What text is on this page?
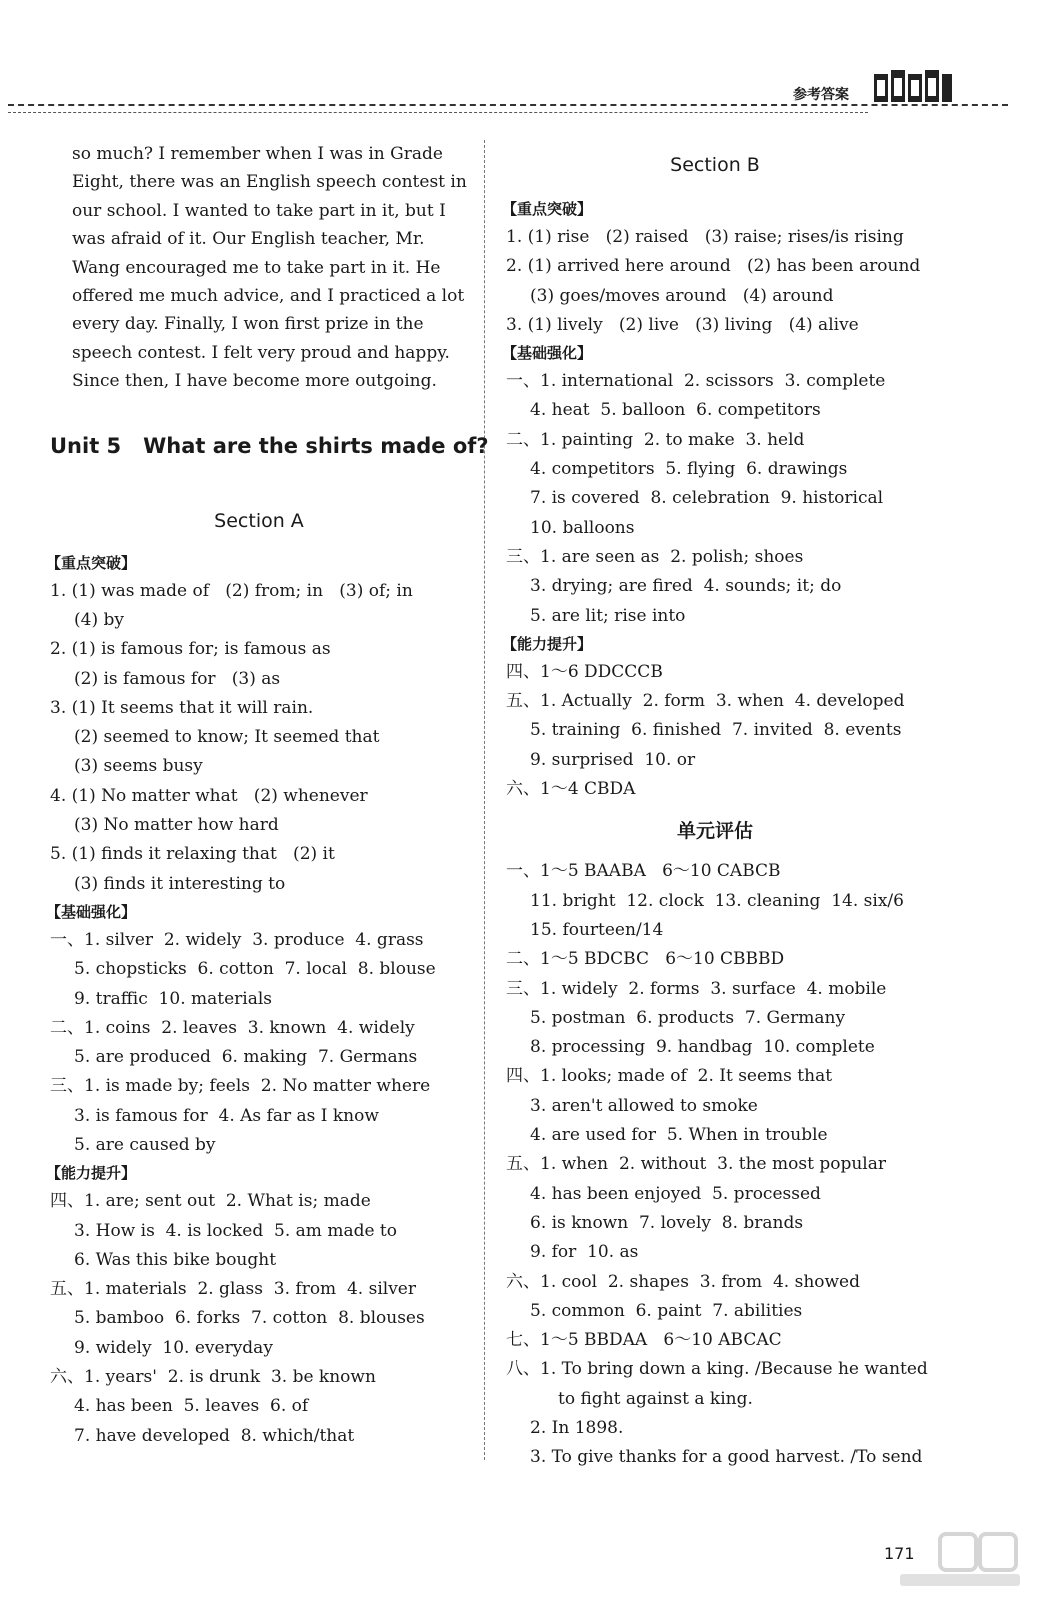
参考答案
so much? I remember when I was in Grade
Eight, there was an English speech contest in
our school. I wanted to take part in it, but I
was afraid of it. Our English teacher, Mr.
Wang encouraged me to take part in it. He
offered me much advice, and I practiced a lot
every day. Finally, I won first prize in the
speech contest. I felt very proud and happy.
Since then, I have become more outgoing.
Unit 5   What are the shirts made of?
Section A
【重点突破】
1. (1) was made of   (2) from; in   (3) of; in
(4) by
2. (1) is famous for; is famous as
(2) is famous for   (3) as
3. (1) It seems that it will rain.
(2) seemed to know; It seemed that
(3) seems busy
4. (1) No matter what   (2) whenever
(3) No matter how hard
5. (1) finds it relaxing that   (2) it
(3) finds it interesting to
【基础强化】
一、1. silver  2. widely  3. produce  4. grass
5. chopsticks  6. cotton  7. local  8. blouse
9. traffic  10. materials
二、1. coins  2. leaves  3. known  4. widely
5. are produced  6. making  7. Germans
三、1. is made by; feels  2. No matter where
3. is famous for  4. As far as I know
5. are caused by
【能力提升】
四、1. are; sent out  2. What is; made
3. How is  4. is locked  5. am made to
6. Was this bike bought
五、1. materials  2. glass  3. from  4. silver
5. bamboo  6. forks  7. cotton  8. blouses
9. widely  10. everyday
六、1. years'  2. is drunk  3. be known
4. has been  5. leaves  6. of
7. have developed  8. which/that
Section B
【重点突破】
1. (1) rise   (2) raised   (3) raise; rises/is rising
2. (1) arrived here around   (2) has been around
(3) goes/moves around   (4) around
3. (1) lively   (2) live   (3) living   (4) alive
【基础强化】
一、1. international  2. scissors  3. complete
4. heat  5. balloon  6. competitors
二、1. painting  2. to make  3. held
4. competitors  5. flying  6. drawings
7. is covered  8. celebration  9. historical
10. balloons
三、1. are seen as  2. polish; shoes
3. drying; are fired  4. sounds; it; do
5. are lit; rise into
【能力提升】
四、1～6 DDCCCB
五、1. Actually  2. form  3. when  4. developed
5. training  6. finished  7. invited  8. events
9. surprised  10. or
六、1～4 CBDA
单元评估
一、1～5 BAABA   6～10 CABCB
11. bright  12. clock  13. cleaning  14. six/6
15. fourteen/14
二、1～5 BDCBC   6～10 CBBBD
三、1. widely  2. forms  3. surface  4. mobile
5. postman  6. products  7. Germany
8. processing  9. handbag  10. complete
四、1. looks; made of  2. It seems that
3. aren't allowed to smoke
4. are used for  5. When in trouble
五、1. when  2. without  3. the most popular
4. has been enjoyed  5. processed
6. is known  7. lovely  8. brands
9. for  10. as
六、1. cool  2. shapes  3. from  4. showed
5. common  6. paint  7. abilities
七、1～5 BBDAA   6～10 ABCAC
八、1. To bring down a king. /Because he wanted
to fight against a king.
2. In 1898.
3. To give thanks for a good harvest. /To send
171
